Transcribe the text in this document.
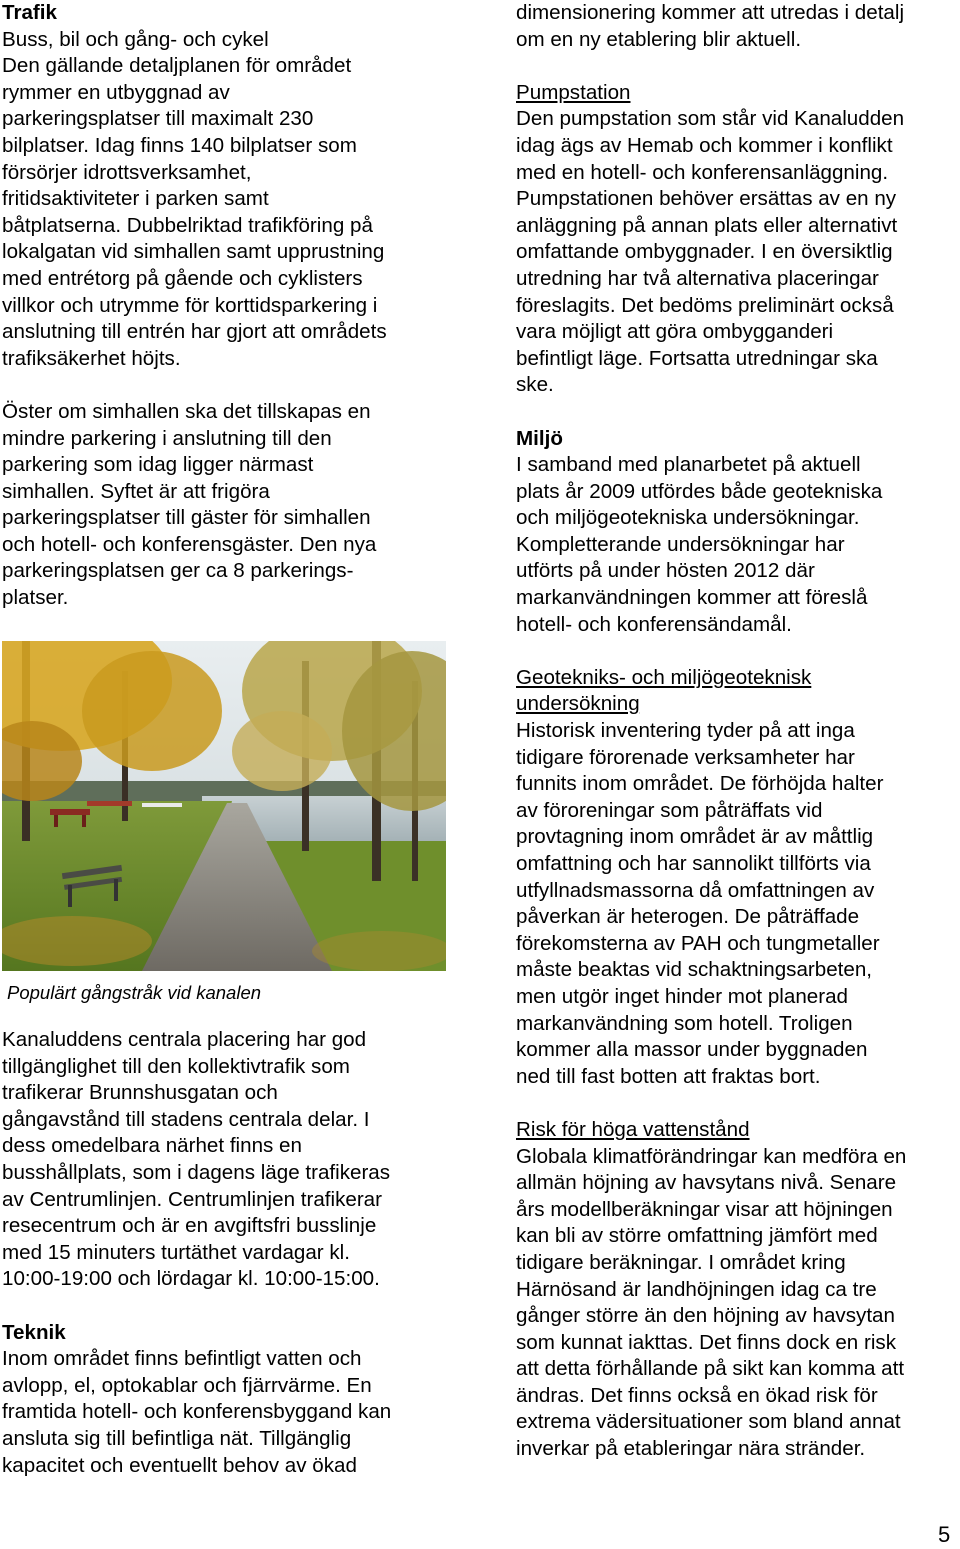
Trafik

Buss, bil och gång- och cykel

Den gällande detaljplanen för området
rymmer en utbyggnad av
parkeringsplatser till maximalt 230
bilplatser. Idag finns 140 bilplatser som
försörjer idrottsverksamhet,
fritidsaktiviteter i parken samt
båtplatserna. Dubbelriktad trafikföring på
lokalgatan vid simhallen samt upprustning
med entrétorg på gående och cyklisters
villkor och utrymme för korttidsparkering i
anslutning till entrén har gjort att områdets
trafiksäkerhet höjts.

Öster om simhallen ska det tillskapas en
mindre parkering i anslutning till den
parkering som idag ligger närmast
simhallen. Syftet är att frigöra
parkeringsplatser till gäster för simhallen
och hotell- och konferensgäster. Den nya
parkeringsplatsen ger ca 8 parkerings-
platser.

Populärt gångstråk vid kanalen

Kanaluddens centrala placering har god
tillgänglighet till den kollektivtrafik som
trafikerar Brunnshusgatan och
gångavstånd till stadens centrala delar. I
dess omedelbara närhet finns en
busshållplats, som i dagens läge trafikeras
av Centrumlinjen. Centrumlinjen trafikerar
resecentrum och är en avgiftsfri busslinje
med 15 minuters turtäthet vardagar kl.
10:00-19:00 och lördagar kl. 10:00-15:00.

Teknik

Inom området finns befintligt vatten och
avlopp, el, optokablar och fjärrvärme. En
framtida hotell- och konferensbyggand kan
ansluta sig till befintliga nät. Tillgänglig
kapacitet och eventuellt behov av ökad

dimensionering kommer att utredas i detalj
om en ny etablering blir aktuell.

Pumpstation

Den pumpstation som står vid Kanaludden
idag ägs av Hemab och kommer i konflikt
med en hotell- och konferensanläggning.
Pumpstationen behöver ersättas av en ny
anläggning på annan plats eller alternativt
omfattande ombyggnader. I en översiktlig
utredning har två alternativa placeringar
föreslagits. Det bedöms preliminärt också
vara möjligt att göra ombygganderi
befintligt läge. Fortsatta utredningar ska
ske.

Miljö

I samband med planarbetet på aktuell
plats år 2009 utfördes både geotekniska
och miljögeotekniska undersökningar.
Kompletterande undersökningar har
utförts på under hösten 2012 där
markanvändningen kommer att föreslå
hotell- och konferensändamål.

Geotekniks- och miljögeoteknisk
undersökning

Historisk inventering tyder på att inga
tidigare förorenade verksamheter har
funnits inom området. De förhöjda halter
av föroreningar som påträffats vid
provtagning inom området är av måttlig
omfattning och har sannolikt tillförts via
utfyllnadsmassorna då omfattningen av
påverkan är heterogen. De påträffade
förekomsterna av PAH och tungmetaller
måste beaktas vid schaktningsarbeten,
men utgör inget hinder mot planerad
markanvändning som hotell. Troligen
kommer alla massor under byggnaden
ned till fast botten att fraktas bort.

Risk för höga vattenstånd

Globala klimatförändringar kan medföra en
allmän höjning av havsytans nivå. Senare
års modellberäkningar visar att höjningen
kan bli av större omfattning jämfört med
tidigare beräkningar. I området kring
Härnösand är landhöjningen idag ca tre
gånger större än den höjning av havsytan
som kunnat iakttas. Det finns dock en risk
att detta förhållande på sikt kan komma att
ändras. Det finns också en ökad risk för
extrema vädersituationer som bland annat
inverkar på etableringar nära stränder.

5
